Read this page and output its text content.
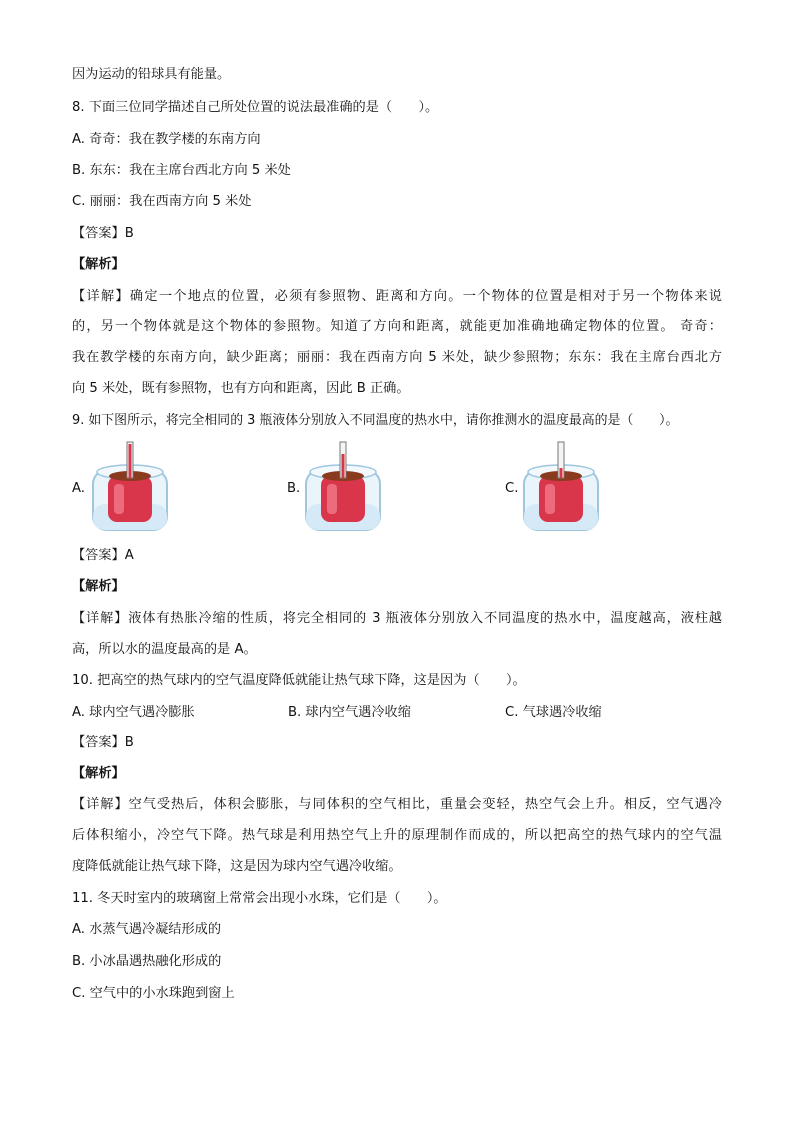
因为运动的铅球具有能量。
8. 下面三位同学描述自己所处位置的说法最准确的是（　　）。
A. 奇奇：我在教学楼的东南方向
B. 东东：我在主席台西北方向 5 米处
C. 丽丽：我在西南方向 5 米处
【答案】B
【解析】
【详解】确定一个地点的位置，必须有参照物、距离和方向。一个物体的位置是相对于另一个物体来说
的，另一个物体就是这个物体的参照物。知道了方向和距离，就能更加准确地确定物体的位置。 奇奇：
我在教学楼的东南方向，缺少距离；丽丽：我在西南方向 5 米处，缺少参照物；东东：我在主席台西北方
向 5 米处，既有参照物，也有方向和距离，因此 B 正确。
9. 如下图所示，将完全相同的 3 瓶液体分别放入不同温度的热水中，请你推测水的温度最高的是（　　）。
A.	B.	C.
【答案】A
【解析】
【详解】液体有热胀冷缩的性质，将完全相同的 3 瓶液体分别放入不同温度的热水中，温度越高，液柱越
高，所以水的温度最高的是 A。
10. 把高空的热气球内的空气温度降低就能让热气球下降，这是因为（　　）。
A. 球内空气遇冷膨胀	B. 球内空气遇冷收缩	C. 气球遇冷收缩
【答案】B
【解析】
【详解】空气受热后，体积会膨胀，与同体积的空气相比，重量会变轻，热空气会上升。相反，空气遇冷
后体积缩小，冷空气下降。热气球是利用热空气上升的原理制作而成的，所以把高空的热气球内的空气温
度降低就能让热气球下降，这是因为球内空气遇冷收缩。
11. 冬天时室内的玻璃窗上常常会出现小水珠，它们是（　　）。
A. 水蒸气遇冷凝结形成的
B. 小冰晶遇热融化形成的
C. 空气中的小水珠跑到窗上
